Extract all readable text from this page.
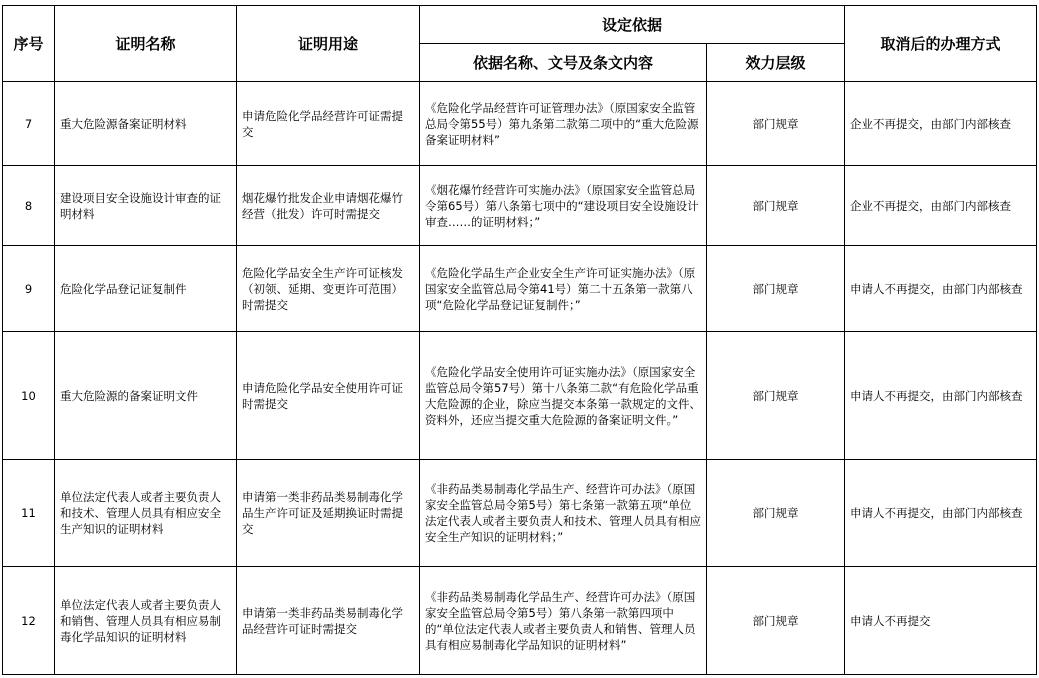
序号	证明名称	证明用途	设定依据		取消后的办理方式
			依据名称、文号及条文内容	效力层级	
7	重大危险源备案证明材料	申请危险化学品经营许可证需提交	《危险化学品经营许可证管理办法》（原国家安全监管总局令第55号）第九条第二款第二项中的“重大危险源备案证明材料”	部门规章	企业不再提交，由部门内部核查
8	建设项目安全设施设计审查的证明材料	烟花爆竹批发企业申请烟花爆竹经营（批发）许可时需提交	《烟花爆竹经营许可实施办法》（原国家安全监管总局令第65号）第八条第七项中的“建设项目安全设施设计审查……的证明材料；”	部门规章	企业不再提交，由部门内部核查
9	危险化学品登记证复制件	危险化学品安全生产许可证核发（初领、延期、变更许可范围）时需提交	《危险化学品生产企业安全生产许可证实施办法》（原国家安全监管总局令第41号）第二十五条第一款第八项“危险化学品登记证复制件；”	部门规章	申请人不再提交，由部门内部核查
10	重大危险源的备案证明文件	申请危险化学品安全使用许可证时需提交	《危险化学品安全使用许可证实施办法》（原国家安全监管总局令第57号）第十八条第二款“有危险化学品重大危险源的企业，除应当提交本条第一款规定的文件、资料外，还应当提交重大危险源的备案证明文件。”	部门规章	申请人不再提交，由部门内部核查
11	单位法定代表人或者主要负责人和技术、管理人员具有相应安全生产知识的证明材料	申请第一类非药品类易制毒化学品生产许可证及延期换证时需提交	《非药品类易制毒化学品生产、经营许可办法》（原国家安全监管总局令第5号）第七条第一款第五项“单位法定代表人或者主要负责人和技术、管理人员具有相应安全生产知识的证明材料；”	部门规章	申请人不再提交，由部门内部核查
12	单位法定代表人或者主要负责人和销售、管理人员具有相应易制毒化学品知识的证明材料	申请第一类非药品类易制毒化学品经营许可证时需提交	《非药品类易制毒化学品生产、经营许可办法》（原国家安全监管总局令第5号）第八条第一款第四项中的“单位法定代表人或者主要负责人和销售、管理人员具有相应易制毒化学品知识的证明材料”	部门规章	申请人不再提交
